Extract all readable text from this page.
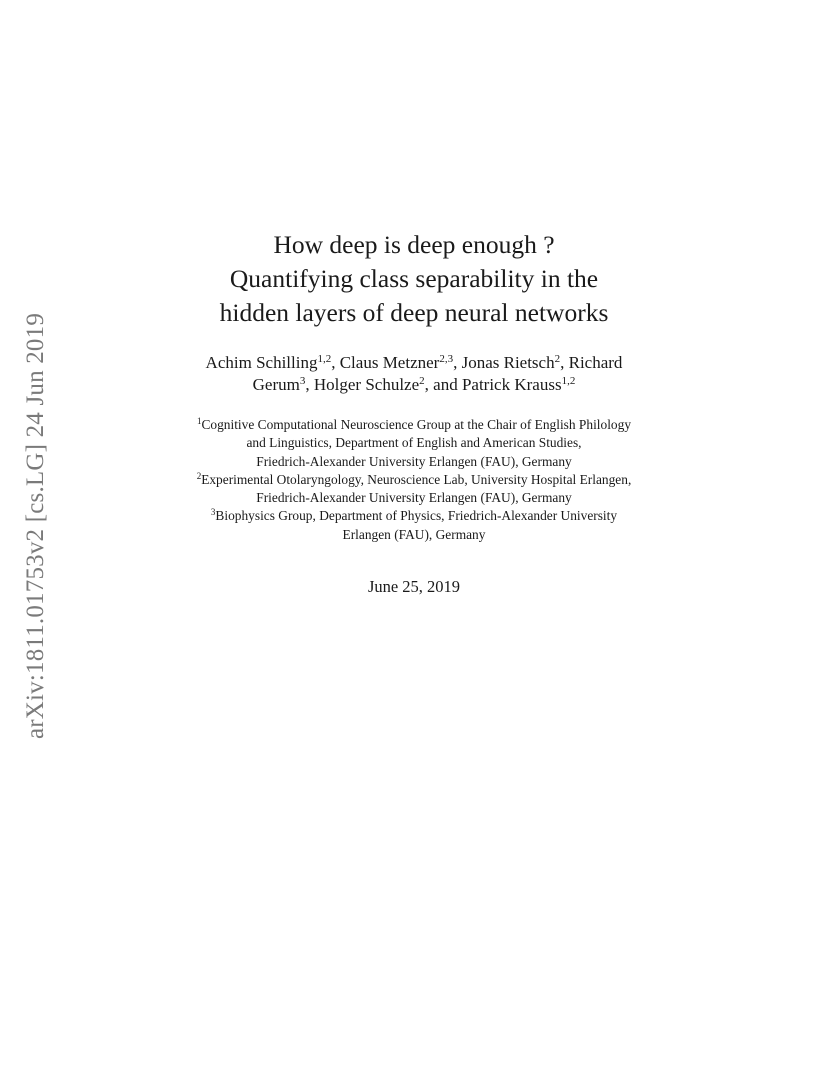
arXiv:1811.01753v2 [cs.LG] 24 Jun 2019
How deep is deep enough ?
Quantifying class separability in the
hidden layers of deep neural networks
Achim Schilling$^{1,2}$, Claus Metzner$^{2,3}$, Jonas Rietsch$^2$, Richard
Gerum$^3$, Holger Schulze$^2$, and Patrick Krauss$^{1,2}$
$^1$Cognitive Computational Neuroscience Group at the Chair of English Philology
and Linguistics, Department of English and American Studies,
Friedrich-Alexander University Erlangen (FAU), Germany
$^2$Experimental Otolaryngology, Neuroscience Lab, University Hospital Erlangen,
Friedrich-Alexander University Erlangen (FAU), Germany
$^3$Biophysics Group, Department of Physics, Friedrich-Alexander University
Erlangen (FAU), Germany
June 25, 2019
